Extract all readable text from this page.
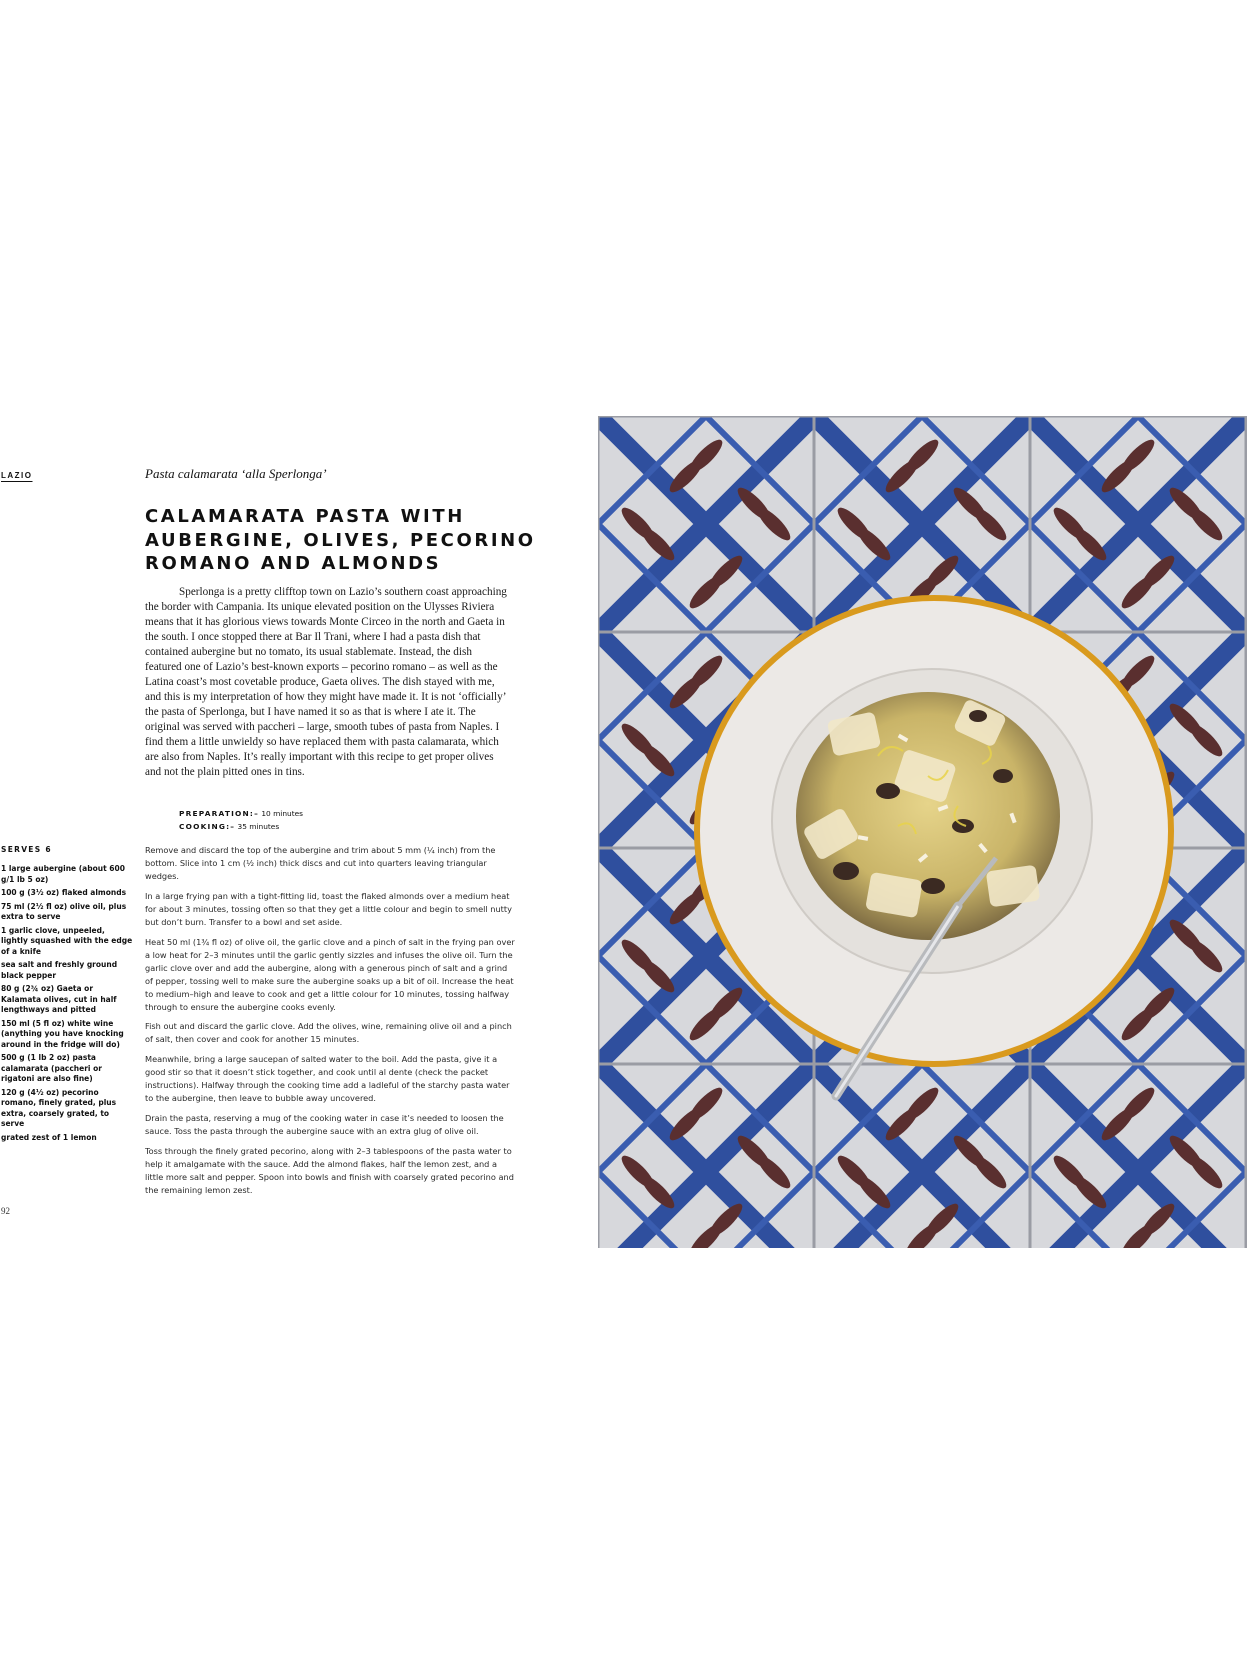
LAZIO	Pasta calamarata ‘alla Sperlonga’
CALAMARATA PASTA WITH AUBERGINE, OLIVES, PECORINO ROMANO AND ALMONDS

Sperlonga is a pretty clifftop town on Lazio’s southern coast approaching the border with Campania. Its unique elevated position on the Ulysses Riviera means that it has glorious views towards Monte Circeo in the north and Gaeta in the south. I once stopped there at Bar Il Trani, where I had a pasta dish that contained aubergine but no tomato, its usual stablemate. Instead, the dish featured one of Lazio’s best-known exports – pecorino romano – as well as the Latina coast’s most covetable produce, Gaeta olives. The dish stayed with me, and this is my interpretation of how they might have made it. It is not ‘officially’ the pasta of Sperlonga, but I have named it so as that is where I ate it. The original was served with paccheri – large, smooth tubes of pasta from Naples. I find them a little unwieldy so have replaced them with pasta calamarata, which are also from Naples. It’s really important with this recipe to get proper olives and not the plain pitted ones in tins.

PREPARATION:– 10 minutes
COOKING:– 35 minutes
SERVES 6
1 large aubergine (about 600 g/1 lb 5 oz)
100 g (3½ oz) flaked almonds
75 ml (2½ fl oz) olive oil, plus extra to serve
1 garlic clove, unpeeled, lightly squashed with the edge of a knife
sea salt and freshly ground black pepper
80 g (2¾ oz) Gaeta or Kalamata olives, cut in half lengthways and pitted
150 ml (5 fl oz) white wine (anything you have knocking around in the fridge will do)
500 g (1 lb 2 oz) pasta calamarata (paccheri or rigatoni are also fine)
120 g (4½ oz) pecorino romano, finely grated, plus extra, coarsely grated, to serve
grated zest of 1 lemon

Remove and discard the top of the aubergine and trim about 5 mm (¼ inch) from the bottom. Slice into 1 cm (½ inch) thick discs and cut into quarters leaving triangular wedges.

In a large frying pan with a tight-fitting lid, toast the flaked almonds over a medium heat for about 3 minutes, tossing often so that they get a little colour and begin to smell nutty but don’t burn. Transfer to a bowl and set aside.

Heat 50 ml (1¾ fl oz) of olive oil, the garlic clove and a pinch of salt in the frying pan over a low heat for 2–3 minutes until the garlic gently sizzles and infuses the olive oil. Turn the garlic clove over and add the aubergine, along with a generous pinch of salt and a grind of pepper, tossing well to make sure the aubergine soaks up a bit of oil. Increase the heat to medium–high and leave to cook and get a little colour for 10 minutes, tossing halfway through to ensure the aubergine cooks evenly.

Fish out and discard the garlic clove. Add the olives, wine, remaining olive oil and a pinch of salt, then cover and cook for another 15 minutes.

Meanwhile, bring a large saucepan of salted water to the boil. Add the pasta, give it a good stir so that it doesn’t stick together, and cook until al dente (check the packet instructions). Halfway through the cooking time add a ladleful of the starchy pasta water to the aubergine, then leave to bubble away uncovered.

Drain the pasta, reserving a mug of the cooking water in case it’s needed to loosen the sauce. Toss the pasta through the aubergine sauce with an extra glug of olive oil.

Toss through the finely grated pecorino, along with 2–3 tablespoons of the pasta water to help it amalgamate with the sauce. Add the almond flakes, half the lemon zest, and a little more salt and pepper. Spoon into bowls and finish with coarsely grated pecorino and the remaining lemon zest.

92
